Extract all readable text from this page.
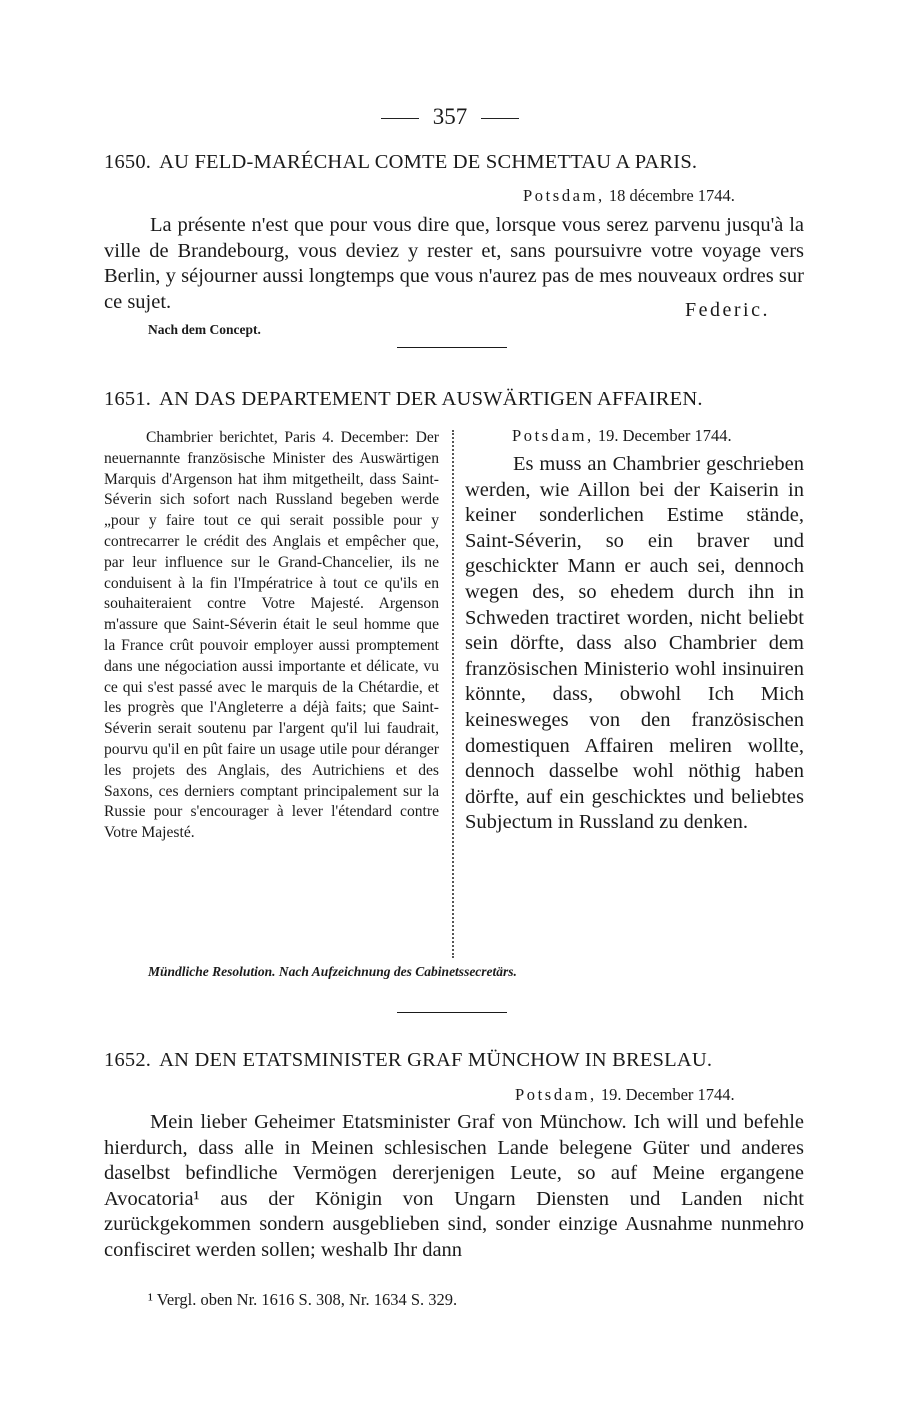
357
1650. AU FELD-MARÉCHAL COMTE DE SCHMETTAU A PARIS.
Potsdam, 18 décembre 1744.

La présente n'est que pour vous dire que, lorsque vous serez parvenu jusqu'à la ville de Brandebourg, vous deviez y rester et, sans poursuivre votre voyage vers Berlin, y séjourner aussi longtemps que vous n'aurez pas de mes nouveaux ordres sur ce sujet.	Federic.
Nach dem Concept.
1651. AN DAS DEPARTEMENT DER AUSWÄRTIGEN AFFAIREN.

Chambrier berichtet, Paris 4. December: Der neuernannte französische Minister des Auswärtigen Marquis d'Argenson hat ihm mitgetheilt, dass Saint-Séverin sich sofort nach Russland begeben werde „pour y faire tout ce qui serait possible pour y contrecarrer le crédit des Anglais et empêcher que, par leur influence sur le Grand-Chancelier, ils ne conduisent à la fin l'Impératrice à tout ce qu'ils en souhaiteraient contre Votre Majesté. Argenson m'assure que Saint-Séverin était le seul homme que la France crût pouvoir employer aussi promptement dans une négociation aussi importante et délicate, vu ce qui s'est passé avec le marquis de la Chétardie, et les progrès que l'Angleterre a déjà faits; que Saint-Séverin serait soutenu par l'argent qu'il lui faudrait, pourvu qu'il en pût faire un usage utile pour déranger les projets des Anglais, des Autrichiens et des Saxons, ces derniers comptant principalement sur la Russie pour s'encourager à lever l'étendard contre Votre Majesté.

Potsdam, 19. December 1744.

Es muss an Chambrier geschrieben werden, wie Aillon bei der Kaiserin in keiner sonderlichen Estime stände, Saint-Séverin, so ein braver und geschickter Mann er auch sei, dennoch wegen des, so ehedem durch ihn in Schweden tractiret worden, nicht beliebt sein dörfte, dass also Chambrier dem französischen Ministerio wohl insinuiren könnte, dass, obwohl Ich Mich keinesweges von den französischen domestiquen Affairen meliren wollte, dennoch dasselbe wohl nöthig haben dörfte, auf ein geschicktes und beliebtes Subjectum in Russland zu denken.

Mündliche Resolution. Nach Aufzeichnung des Cabinetssecretärs.
1652. AN DEN ETATSMINISTER GRAF MÜNCHOW IN BRESLAU.
Potsdam, 19. December 1744.

Mein lieber Geheimer Etatsminister Graf von Münchow. Ich will und befehle hierdurch, dass alle in Meinen schlesischen Lande belegene Güter und anderes daselbst befindliche Vermögen dererjenigen Leute, so auf Meine ergangene Avocatoria¹ aus der Königin von Ungarn Diensten und Landen nicht zurückgekommen sondern ausgeblieben sind, sonder einzige Ausnahme nunmehro confisciret werden sollen; weshalb Ihr dann

¹ Vergl. oben Nr. 1616 S. 308, Nr. 1634 S. 329.
